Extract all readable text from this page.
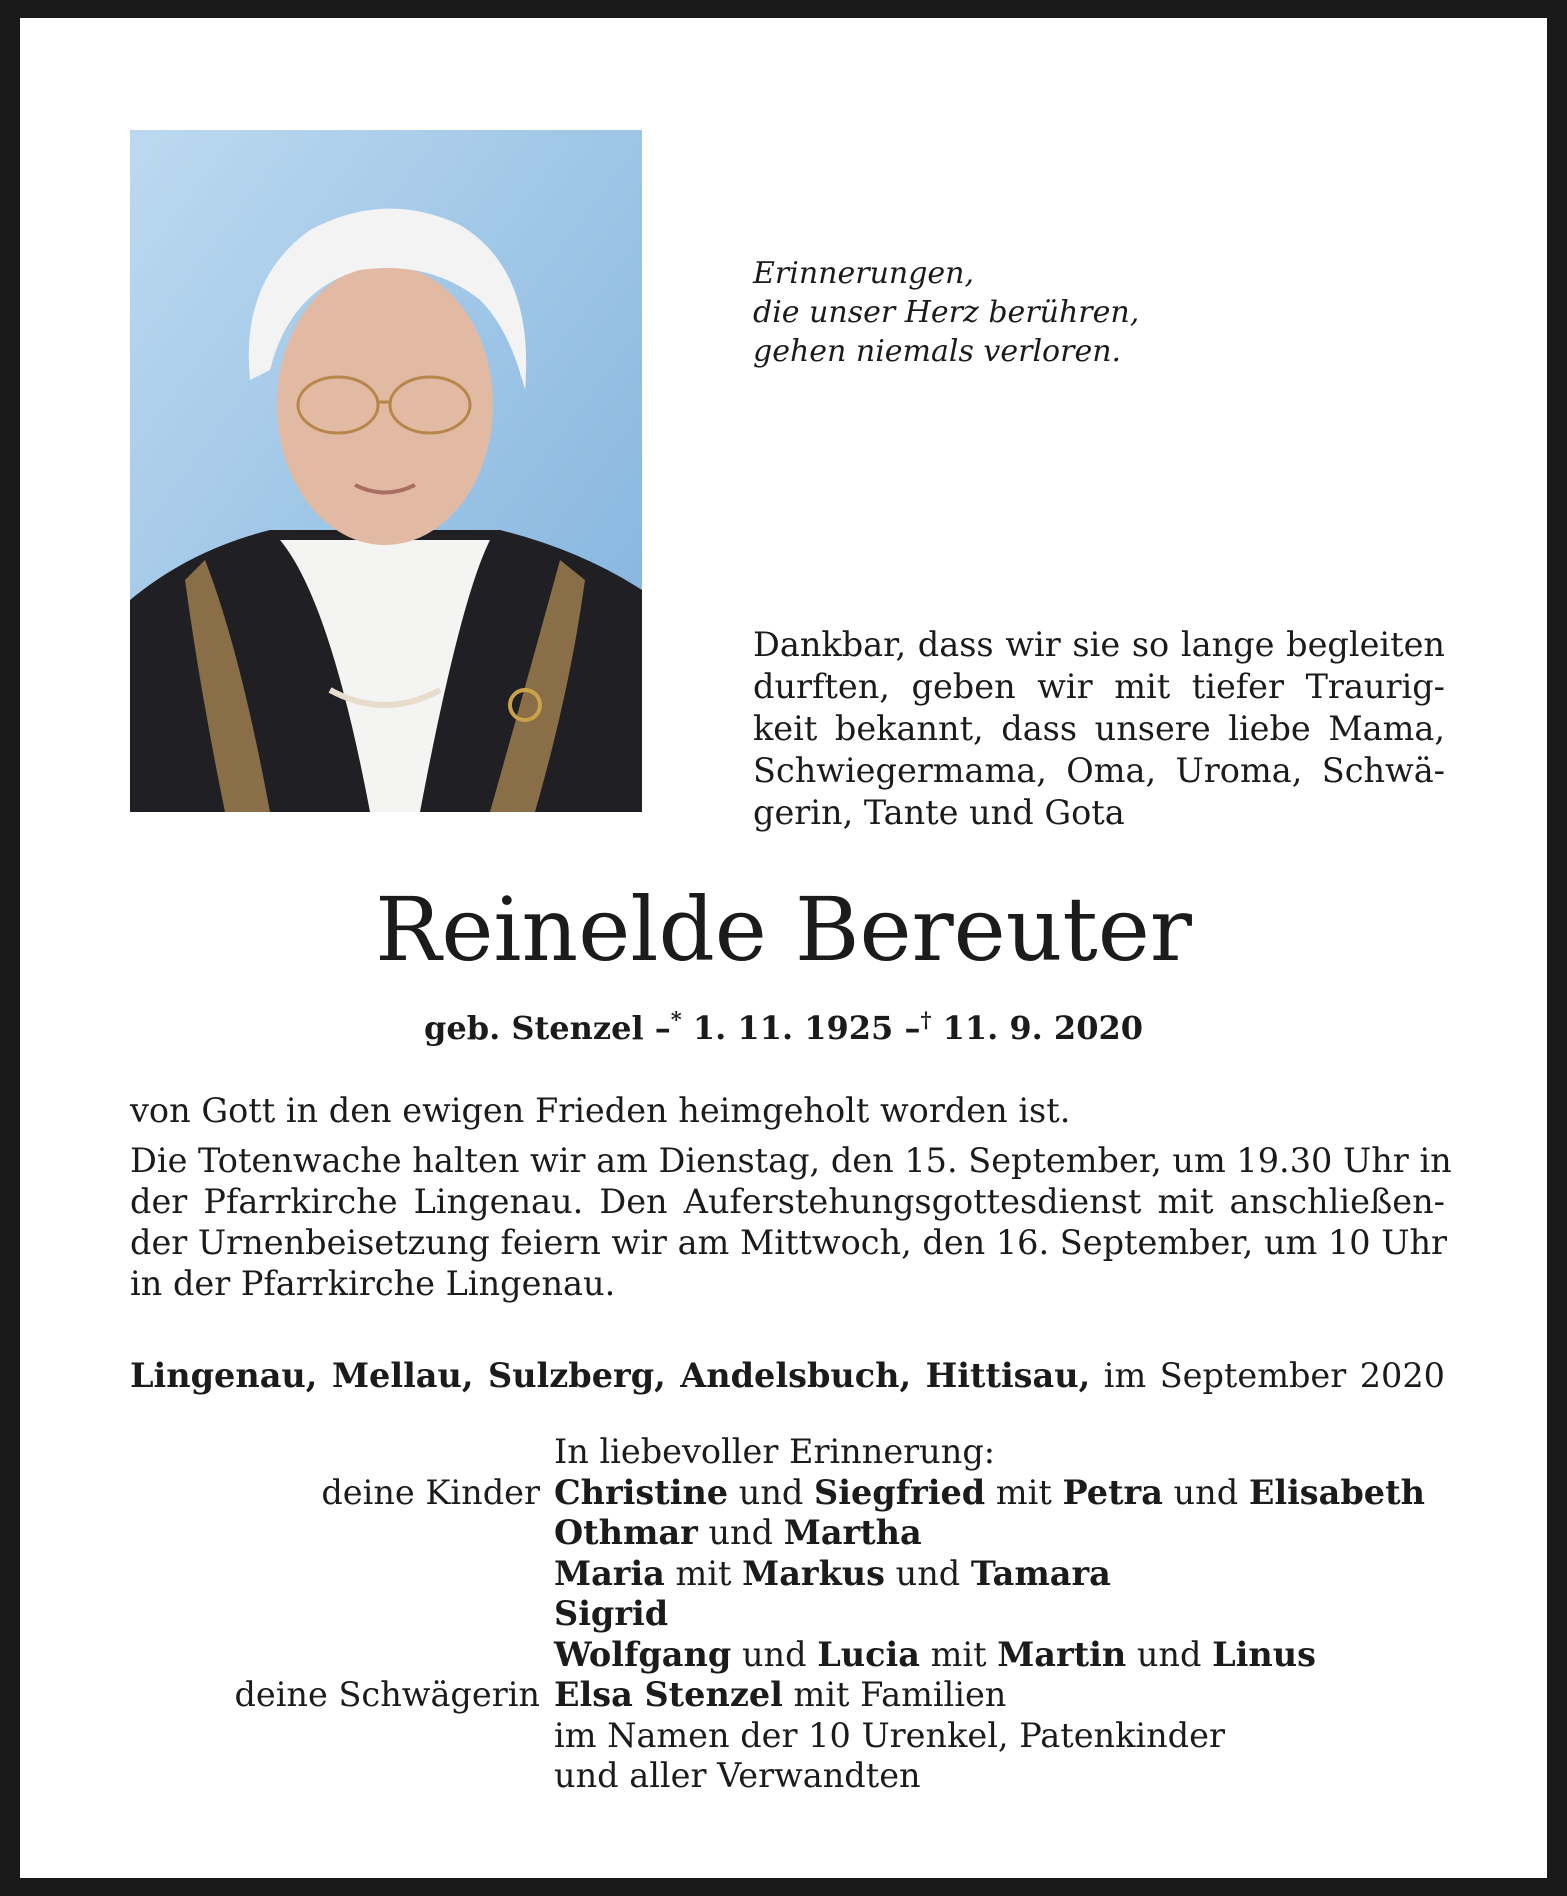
Erinnerungen,
die unser Herz berühren,
gehen niemals verloren.
Dankbar, dass wir sie so lange begleiten
durften, geben wir mit tiefer Traurig-
keit bekannt, dass unsere liebe Mama,
Schwiegermama, Oma, Uroma, Schwä-
gerin, Tante und Gota
Reinelde Bereuter
geb. Stenzel –* 1. 11. 1925 –† 11. 9. 2020

von Gott in den ewigen Frieden heimgeholt worden ist.

Die Totenwache halten wir am Dienstag, den 15. September, um 19.30 Uhr in

der Pfarrkirche Lingenau. Den Auferstehungsgottesdienst mit anschließen-

der Urnenbeisetzung feiern wir am Mittwoch, den 16. September, um 10 Uhr

in der Pfarrkirche Lingenau.

Lingenau, Mellau, Sulzberg, Andelsbuch, Hittisau, im September 2020
In liebevoller Erinnerung:
deine Kinder Christine und Siegfried mit Petra und Elisabeth
Othmar und Martha
Maria mit Markus und Tamara
Sigrid
Wolfgang und Lucia mit Martin und Linus
deine Schwägerin Elsa Stenzel mit Familien
im Namen der 10 Urenkel, Patenkinder
und aller Verwandten
